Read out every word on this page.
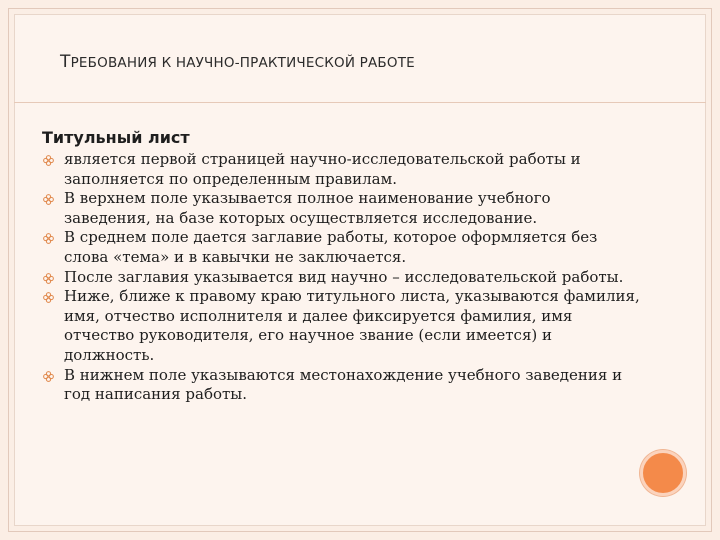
ТРЕБОВАНИЯ К НАУЧНО-ПРАКТИЧЕСКОЙ РАБОТЕ
Титульный лист
является первой страницей научно-исследовательской работы и заполняется по определенным правилам.
В верхнем поле указывается полное наименование учебного заведения, на базе которых осуществляется исследование.
В среднем поле дается заглавие работы, которое оформляется без слова «тема» и в кавычки не заключается.
После заглавия указывается вид научно – исследовательской работы.
Ниже, ближе к правому краю титульного листа, указываются фамилия, имя, отчество исполнителя и далее фиксируется фамилия, имя отчество руководителя, его научное звание (если имеется) и должность.
В нижнем поле указываются местонахождение учебного заведения и год написания работы.
